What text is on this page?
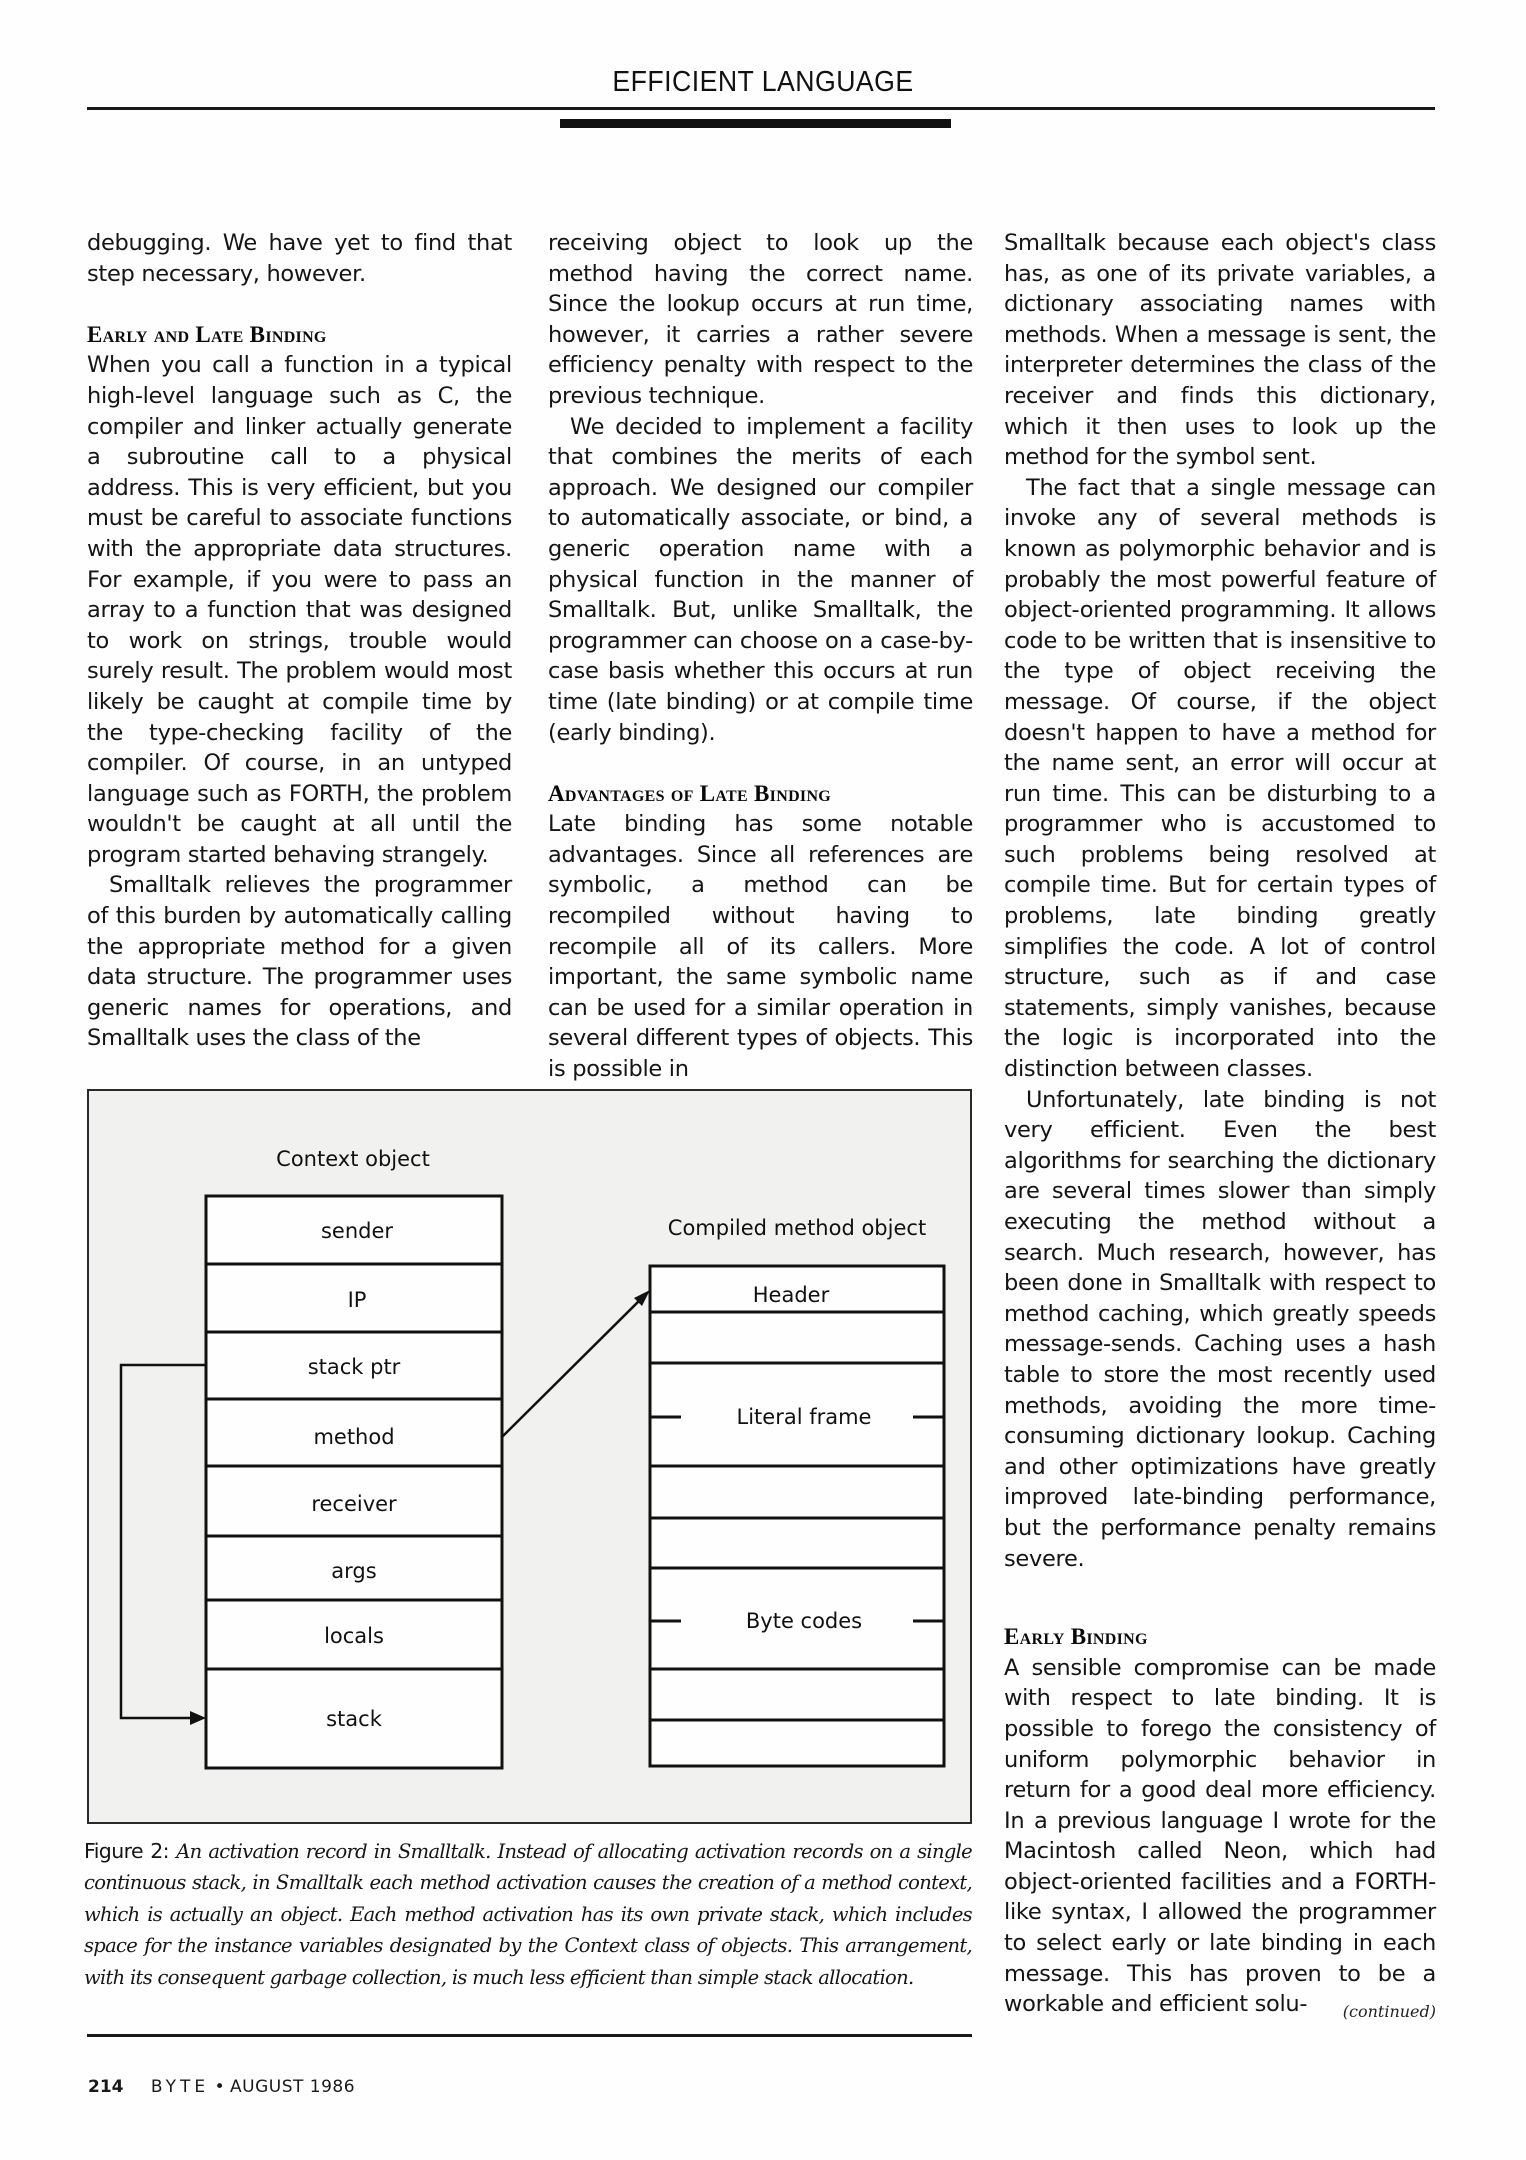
EFFICIENT LANGUAGE

debugging. We have yet to find that step necessary, however.

Early and Late Binding

When you call a function in a typical high-level language such as C, the compiler and linker actually generate a subroutine call to a physical address. This is very efficient, but you must be careful to associate functions with the appropriate data structures. For example, if you were to pass an array to a function that was designed to work on strings, trouble would surely result. The problem would most likely be caught at compile time by the type-checking facility of the compiler. Of course, in an untyped language such as FORTH, the problem wouldn't be caught at all until the program started behaving strangely.

Smalltalk relieves the programmer of this burden by automatically calling the appropriate method for a given data structure. The programmer uses generic names for operations, and Smalltalk uses the class of the

receiving object to look up the method having the correct name. Since the lookup occurs at run time, however, it carries a rather severe efficiency penalty with respect to the previous technique.

We decided to implement a facility that combines the merits of each approach. We designed our compiler to automatically associate, or bind, a generic operation name with a physical function in the manner of Smalltalk. But, unlike Smalltalk, the programmer can choose on a case-by-case basis whether this occurs at run time (late binding) or at compile time (early binding).

Advantages of Late Binding

Late binding has some notable advantages. Since all references are symbolic, a method can be recompiled without having to recompile all of its callers. More important, the same symbolic name can be used for a similar operation in several different types of objects. This is possible in

Smalltalk because each object's class has, as one of its private variables, a dictionary associating names with methods. When a message is sent, the interpreter determines the class of the receiver and finds this dictionary, which it then uses to look up the method for the symbol sent.

The fact that a single message can invoke any of several methods is known as polymorphic behavior and is probably the most powerful feature of object-oriented programming. It allows code to be written that is insensitive to the type of object receiving the message. Of course, if the object doesn't happen to have a method for the name sent, an error will occur at run time. This can be disturbing to a programmer who is accustomed to such problems being resolved at compile time. But for certain types of problems, late binding greatly simplifies the code. A lot of control structure, such as if and case statements, simply vanishes, because the logic is incorporated into the distinction between classes.

Unfortunately, late binding is not very efficient. Even the best algorithms for searching the dictionary are several times slower than simply executing the method without a search. Much research, however, has been done in Smalltalk with respect to method caching, which greatly speeds message-sends. Caching uses a hash table to store the most recently used methods, avoiding the more time-consuming dictionary lookup. Caching and other optimizations have greatly improved late-binding performance, but the performance penalty remains severe.

Early Binding

A sensible compromise can be made with respect to late binding. It is possible to forego the consistency of uniform polymorphic behavior in return for a good deal more efficiency. In a previous language I wrote for the Macintosh called Neon, which had object-oriented facilities and a FORTH-like syntax, I allowed the programmer to select early or late binding in each message. This has proven to be a workable and efficient solu-	(continued)
Context object
sender
IP
stack ptr
method
receiver
args
locals
stack
Compiled method object
Header
Literal frame
Byte codes
Figure 2: An activation record in Smalltalk. Instead of allocating activation records on a single continuous stack, in Smalltalk each method activation causes the creation of a method context, which is actually an object. Each method activation has its own private stack, which includes space for the instance variables designated by the Context class of objects. This arrangement, with its consequent garbage collection, is much less efficient than simple stack allocation.
214 BYTE • AUGUST 1986
